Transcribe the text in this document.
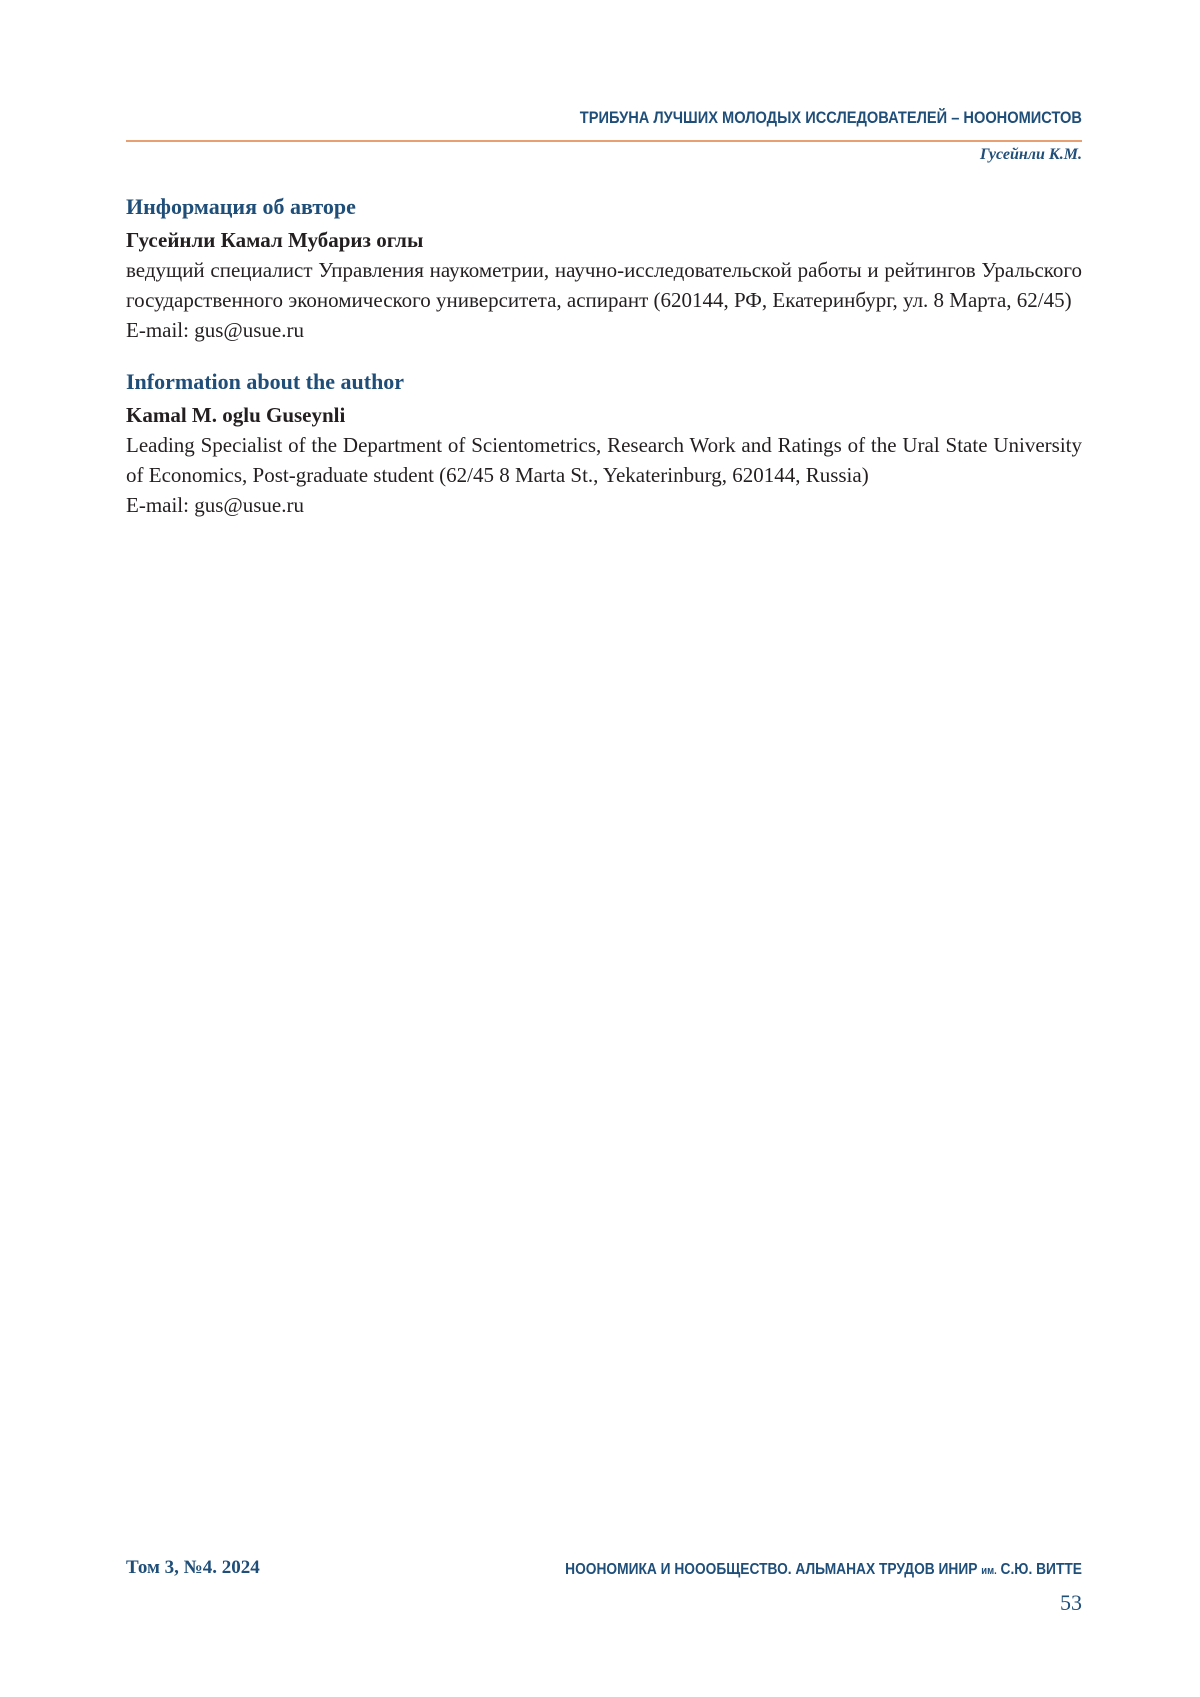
ТРИБУНА ЛУЧШИХ МОЛОДЫХ ИССЛЕДОВАТЕЛЕЙ – НООНОМИСТОВ
Гусейнли К.М.

Информация об авторе

Гусейнли Камал Мубариз оглы

ведущий специалист Управления наукометрии, научно-исследовательской работы и рейтингов Уральского государственного экономического университета, аспирант (620144, РФ, Екатеринбург, ул. 8 Марта, 62/45)

E-mail: gus@usue.ru

Information about the author

Kamal M. oglu Guseynli

Leading Specialist of the Department of Scientometrics, Research Work and Ratings of the Ural State University of Economics, Post-graduate student (62/45 8 Marta St., Yekaterinburg, 620144, Russia)

E-mail: gus@usue.ru

Том 3, №4. 2024	НООНОМИКА И НОООБЩЕСТВО. АЛЬМАНАХ ТРУДОВ ИНИР им. С.Ю. ВИТТЕ
53
